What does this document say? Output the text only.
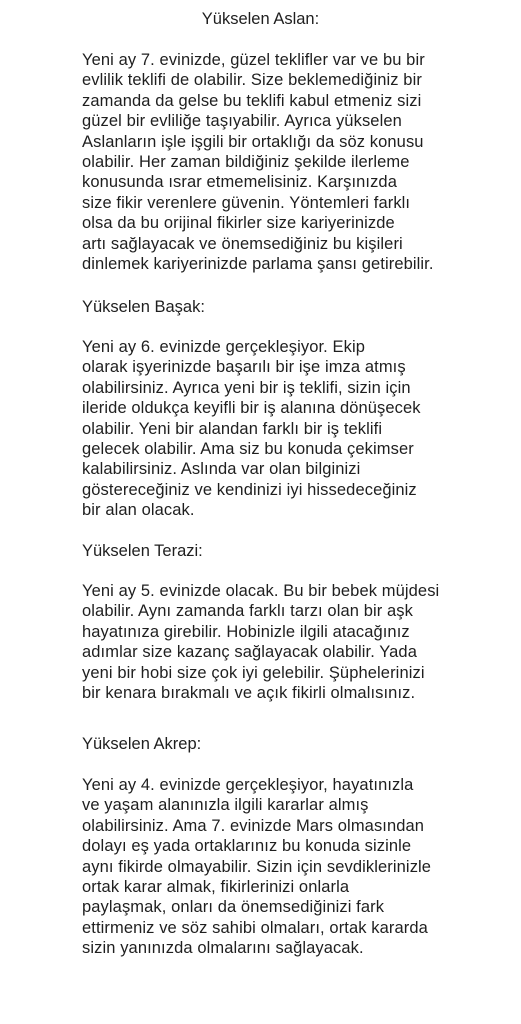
Yükselen Aslan:
Yeni ay 7. evinizde, güzel teklifler var ve bu bir
evlilik teklifi de olabilir. Size beklemediğiniz bir
zamanda da gelse bu teklifi kabul etmeniz sizi
güzel bir evliliğe taşıyabilir. Ayrıca yükselen
Aslanların işle işgili bir ortaklığı da söz konusu
olabilir. Her zaman bildiğiniz şekilde ilerleme
konusunda ısrar etmemelisiniz. Karşınızda
size fikir verenlere güvenin. Yöntemleri farklı
olsa da bu orijinal fikirler size kariyerinizde
artı sağlayacak ve önemsediğiniz bu kişileri
dinlemek kariyerinizde parlama şansı getirebilir.
Yükselen Başak:
Yeni ay 6. evinizde gerçekleşiyor. Ekip
olarak işyerinizde başarılı bir işe imza atmış
olabilirsiniz. Ayrıca yeni bir iş teklifi, sizin için
ileride oldukça keyifli bir iş alanına dönüşecek
olabilir. Yeni bir alandan farklı bir iş teklifi
gelecek olabilir. Ama siz bu konuda çekimser
kalabilirsiniz. Aslında var olan bilginizi
göstereceğiniz ve kendinizi iyi hissedeceğiniz
bir alan olacak.
Yükselen Terazi:
Yeni ay 5. evinizde olacak. Bu bir bebek müjdesi
olabilir. Aynı zamanda farklı tarzı olan bir aşk
hayatınıza girebilir. Hobinizle ilgili atacağınız
adımlar size kazanç sağlayacak olabilir. Yada
yeni bir hobi size çok iyi gelebilir. Şüphelerinizi
bir kenara bırakmalı ve açık fikirli olmalısınız.
Yükselen Akrep:
Yeni ay 4. evinizde gerçekleşiyor, hayatınızla
ve yaşam alanınızla ilgili kararlar almış
olabilirsiniz. Ama 7. evinizde Mars olmasından
dolayı eş yada ortaklarınız bu konuda sizinle
aynı fikirde olmayabilir. Sizin için sevdiklerinizle
ortak karar almak, fikirlerinizi onlarla
paylaşmak, onları da önemsediğinizi fark
ettirmeniz ve söz sahibi olmaları, ortak kararda
sizin yanınızda olmalarını sağlayacak.
